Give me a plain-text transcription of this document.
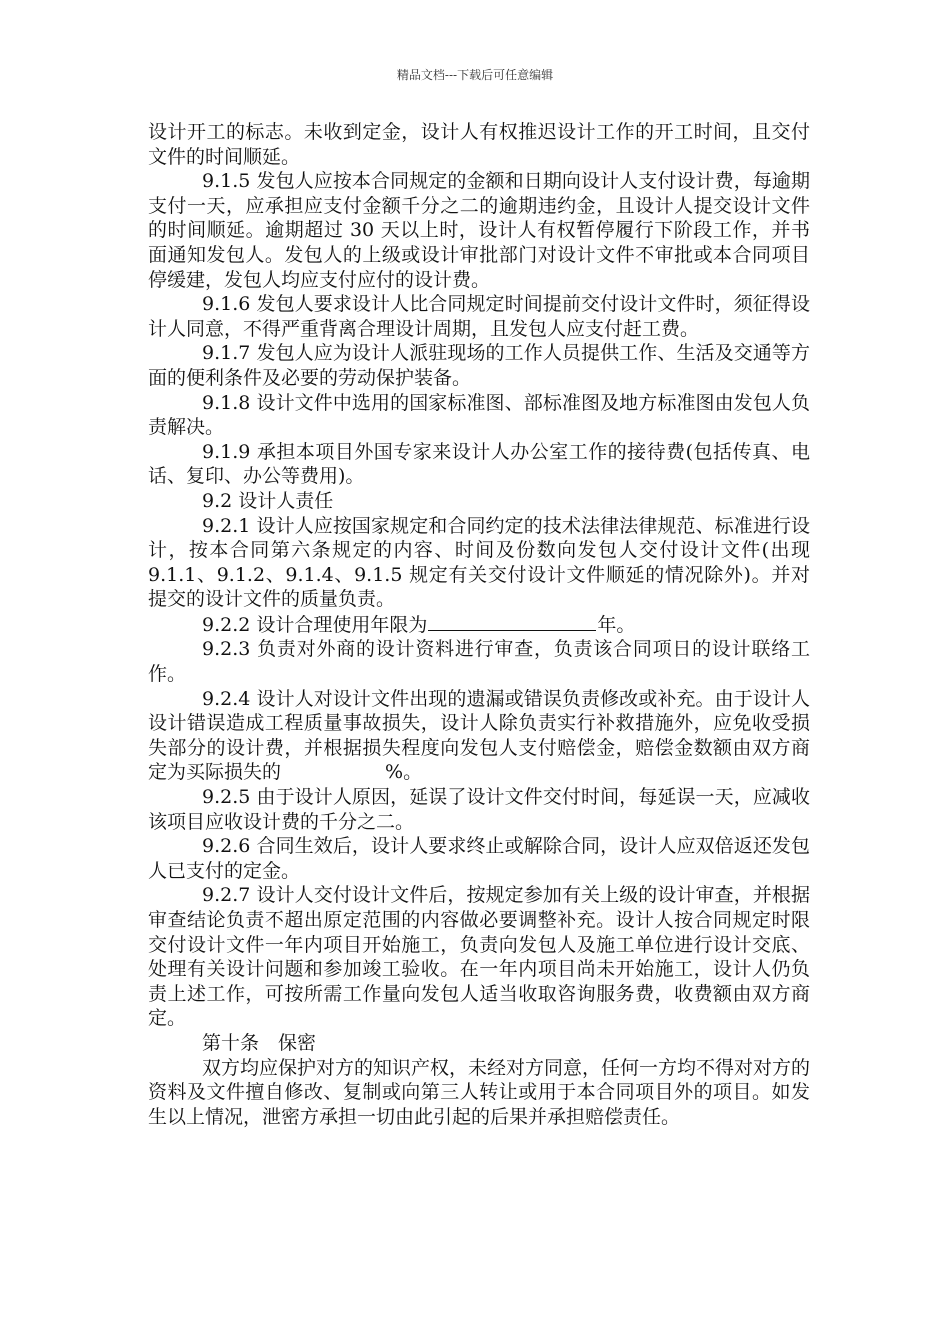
精品文档---下载后可任意编辑

设计开工的标志。未收到定金，设计人有权推迟设计工作的开工时间，且交付文件的时间顺延。

9.1.5 发包人应按本合同规定的金额和日期向设计人支付设计费，每逾期支付一天，应承担应支付金额千分之二的逾期违约金，且设计人提交设计文件的时间顺延。逾期超过 30 天以上时，设计人有权暂停履行下阶段工作，并书面通知发包人。发包人的上级或设计审批部门对设计文件不审批或本合同项目停缓建，发包人均应支付应付的设计费。

9.1.6 发包人要求设计人比合同规定时间提前交付设计文件时，须征得设计人同意，不得严重背离合理设计周期，且发包人应支付赶工费。

9.1.7 发包人应为设计人派驻现场的工作人员提供工作、生活及交通等方面的便利条件及必要的劳动保护装备。

9.1.8 设计文件中选用的国家标准图、部标准图及地方标准图由发包人负责解决。

9.1.9 承担本项目外国专家来设计人办公室工作的接待费(包括传真、电话、复印、办公等费用)。

9.2 设计人责任

9.2.1 设计人应按国家规定和合同约定的技术法律法律规范、标准进行设计，按本合同第六条规定的内容、时间及份数向发包人交付设计文件(出现 9.1.1、9.1.2、9.1.4、9.1.5 规定有关交付设计文件顺延的情况除外)。并对提交的设计文件的质量负责。

9.2.2 设计合理使用年限为	年。

9.2.3 负责对外商的设计资料进行审查，负责该合同项日的设计联络工作。

9.2.4 设计人对设计文件出现的遗漏或错误负责修改或补充。由于设计人设计错误造成工程质量事故损失，设计人除负责实行补救措施外，应免收受损失部分的设计费，并根据损失程度向发包人支付赔偿金，赔偿金数额由双方商定为买际损失的	%。

9.2.5 由于设计人原因，延误了设计文件交付时间，每延误一天，应减收该项目应收设计费的千分之二。

9.2.6 合同生效后，设计人要求终止或解除合同，设计人应双倍返还发包人已支付的定金。

9.2.7 设计人交付设计文件后，按规定参加有关上级的设计审查，并根据审查结论负责不超出原定范围的内容做必要调整补充。设计人按合同规定时限交付设计文件一年内项目开始施工，负责向发包人及施工单位进行设计交底、处理有关设计问题和参加竣工验收。在一年内项目尚未开始施工，设计人仍负责上述工作，可按所需工作量向发包人适当收取咨询服务费，收费额由双方商定。

第十条　保密

双方均应保护对方的知识产权，未经对方同意，任何一方均不得对对方的资料及文件擅自修改、复制或向第三人转让或用于本合同项目外的项目。如发生以上情况，泄密方承担一切由此引起的后果并承担赔偿责任。
